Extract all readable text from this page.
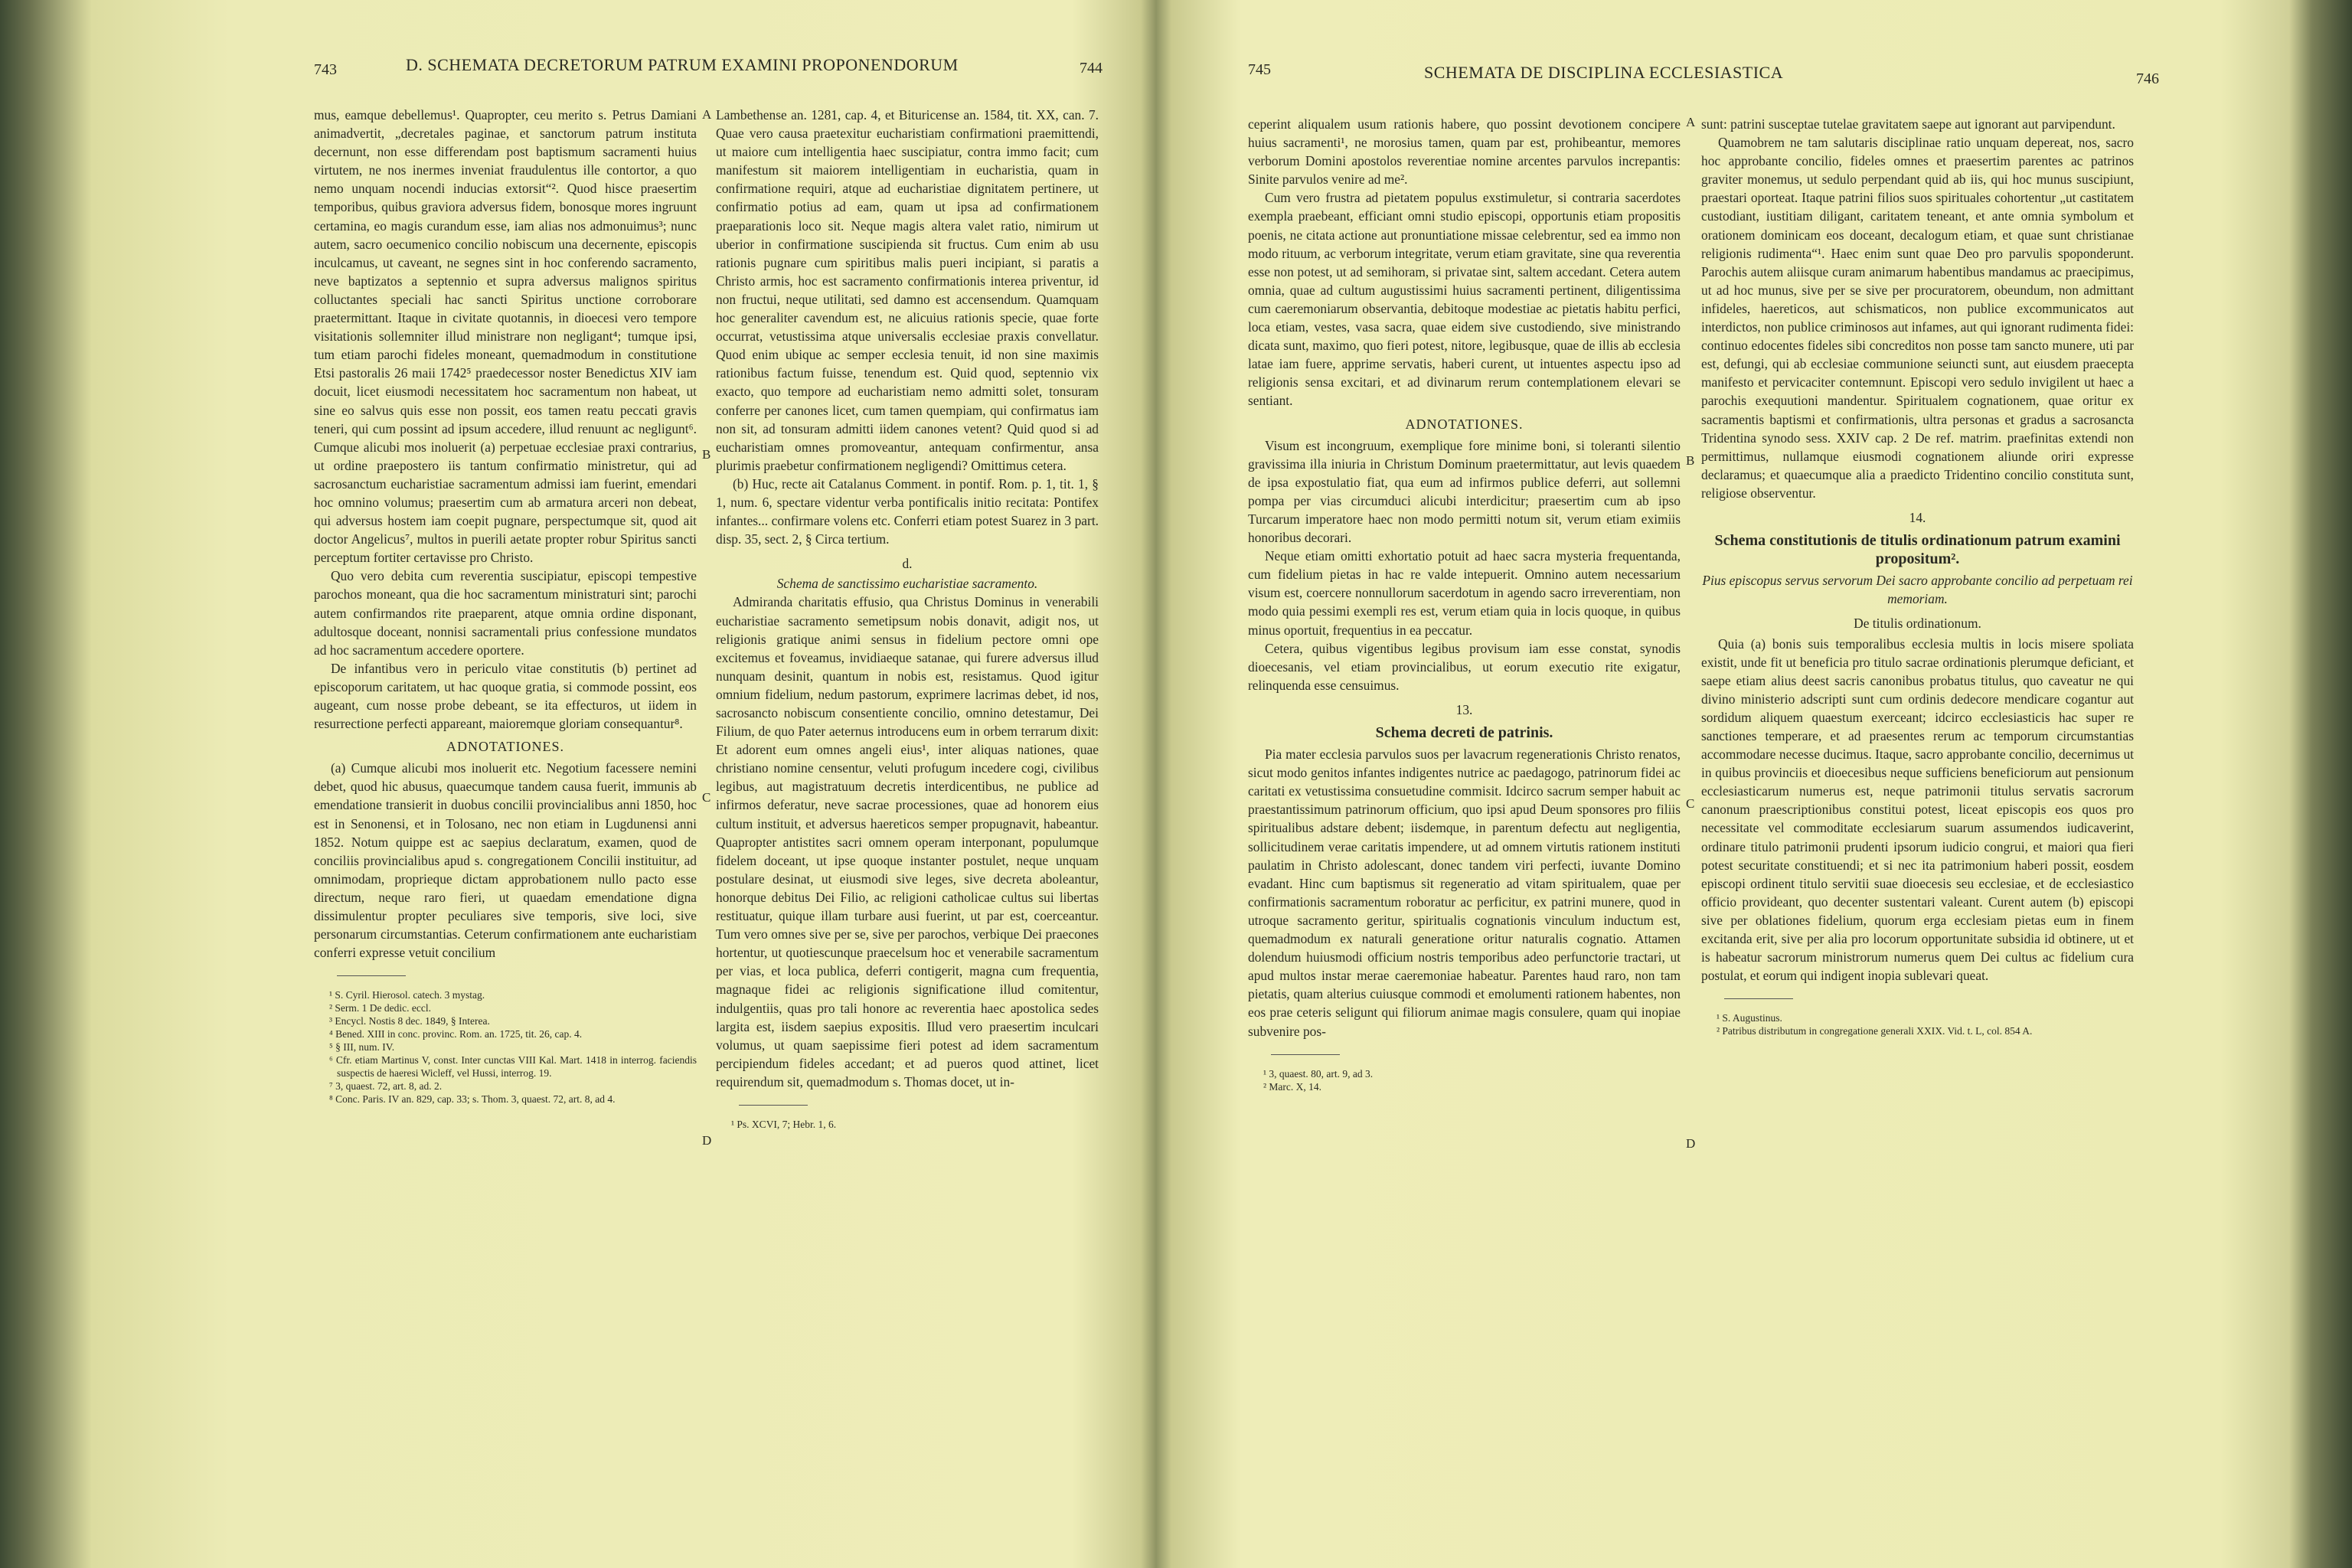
743	D. SCHEMATA DECRETORUM PATRUM EXAMINI PROPONENDORUM	744

mus, eamque debellemus¹. Quapropter, ceu merito s. Petrus Damiani animadvertit, „decretales paginae, et sanctorum patrum instituta decernunt, non esse differendam post baptismum sacramenti huius virtutem, ne nos inermes inveniat fraudulentus ille contortor, a quo nemo unquam nocendi inducias extorsit“². Quod hisce praesertim temporibus, quibus graviora adversus fidem, bonosque mores ingruunt certamina, eo magis curandum esse, iam alias nos admonuimus³; nunc autem, sacro oecumenico concilio nobiscum una decernente, episcopis inculcamus, ut caveant, ne segnes sint in hoc conferendo sacramento, neve baptizatos a septennio et supra adversus malignos spiritus colluctantes speciali hac sancti Spiritus unctione corroborare praetermittant. Itaque in civitate quotannis, in dioecesi vero tempore visitationis sollemniter illud ministrare non negligant⁴; tumque ipsi, tum etiam parochi fideles moneant, quemadmodum in constitutione Etsi pastoralis 26 maii 1742⁵ praedecessor noster Benedictus XIV iam docuit, licet eiusmodi necessitatem hoc sacramentum non habeat, ut sine eo salvus quis esse non possit, eos tamen reatu peccati gravis teneri, qui cum possint ad ipsum accedere, illud renuunt ac negligunt⁶. Cumque alicubi mos inoluerit (a) perpetuae ecclesiae praxi contrarius, ut ordine praepostero iis tantum confirmatio ministretur, qui ad sacrosanctum eucharistiae sacramentum admissi iam fuerint, emendari hoc omnino volumus; praesertim cum ab armatura arceri non debeat, qui adversus hostem iam coepit pugnare, perspectumque sit, quod ait doctor Angelicus⁷, multos in puerili aetate propter robur Spiritus sancti perceptum fortiter certavisse pro Christo.

Quo vero debita cum reverentia suscipiatur, episcopi tempestive parochos moneant, qua die hoc sacramentum ministraturi sint; parochi autem confirmandos rite praeparent, atque omnia ordine disponant, adultosque doceant, nonnisi sacramentali prius confessione mundatos ad hoc sacramentum accedere oportere.

De infantibus vero in periculo vitae constitutis (b) pertinet ad episcoporum caritatem, ut hac quoque gratia, si commode possint, eos augeant, cum nosse probe debeant, se ita effecturos, ut iidem in resurrectione perfecti appareant, maioremque gloriam consequantur⁸.

ADNOTATIONES.

(a) Cumque alicubi mos inoluerit etc. Negotium facessere nemini debet, quod hic abusus, quaecumque tandem causa fuerit, immunis ab emendatione transierit in duobus concilii provincialibus anni 1850, hoc est in Senonensi, et in Tolosano, nec non etiam in Lugdunensi anni 1852. Notum quippe est ac saepius declaratum, examen, quod de conciliis provincialibus apud s. congregationem Concilii instituitur, ad omnimodam, proprieque dictam approbationem nullo pacto esse directum, neque raro fieri, ut quaedam emendatione digna dissimulentur propter peculiares sive temporis, sive loci, sive personarum circumstantias. Ceterum confirmationem ante eucharistiam conferri expresse vetuit concilium

¹ S. Cyril. Hierosol. catech. 3 mystag.
² Serm. 1 De dedic. eccl.
³ Encycl. Nostis 8 dec. 1849, § Interea.
⁴ Bened. XIII in conc. provinc. Rom. an. 1725, tit. 26, cap. 4.
⁵ § III, num. IV.
⁶ Cfr. etiam Martinus V, const. Inter cunctas VIII Kal. Mart. 1418 in interrog. faciendis suspectis de haeresi Wicleff, vel Hussi, interrog. 19.
⁷ 3, quaest. 72, art. 8, ad. 2.
⁸ Conc. Paris. IV an. 829, cap. 33; s. Thom. 3, quaest. 72, art. 8, ad 4.
A
B
C
D

Lambethense an. 1281, cap. 4, et Bituricense an. 1584, tit. XX, can. 7. Quae vero causa praetexitur eucharistiam confirmationi praemittendi, ut maiore cum intelligentia haec suscipiatur, contra immo facit; cum manifestum sit maiorem intelligentiam in eucharistia, quam in confirmatione requiri, atque ad eucharistiae dignitatem pertinere, ut confirmatio potius ad eam, quam ut ipsa ad confirmationem praeparationis loco sit. Neque magis altera valet ratio, nimirum ut uberior in confirmatione suscipienda sit fructus. Cum enim ab usu rationis pugnare cum spiritibus malis pueri incipiant, si paratis a Christo armis, hoc est sacramento confirmationis interea priventur, id non fructui, neque utilitati, sed damno est accensendum. Quamquam hoc generaliter cavendum est, ne alicuius rationis specie, quae forte occurrat, vetustissima atque universalis ecclesiae praxis convellatur. Quod enim ubique ac semper ecclesia tenuit, id non sine maximis rationibus factum fuisse, tenendum est. Quid quod, septennio vix exacto, quo tempore ad eucharistiam nemo admitti solet, tonsuram conferre per canones licet, cum tamen quempiam, qui confirmatus iam non sit, ad tonsuram admitti iidem canones vetent? Quid quod si ad eucharistiam omnes promoveantur, antequam confirmentur, ansa plurimis praebetur confirmationem negligendi? Omittimus cetera.

(b) Huc, recte ait Catalanus Comment. in pontif. Rom. p. 1, tit. 1, § 1, num. 6, spectare videntur verba pontificalis initio recitata: Pontifex infantes... confirmare volens etc. Conferri etiam potest Suarez in 3 part. disp. 35, sect. 2, § Circa tertium.

d.

Schema de sanctissimo eucharistiae sacramento.

Admiranda charitatis effusio, qua Christus Dominus in venerabili eucharistiae sacramento semetipsum nobis donavit, adigit nos, ut religionis gratique animi sensus in fidelium pectore omni ope excitemus et foveamus, invidiaeque satanae, qui furere adversus illud nunquam desinit, quantum in nobis est, resistamus. Quod igitur omnium fidelium, nedum pastorum, exprimere lacrimas debet, id nos, sacrosancto nobiscum consentiente concilio, omnino detestamur, Dei Filium, de quo Pater aeternus introducens eum in orbem terrarum dixit: Et adorent eum omnes angeli eius¹, inter aliquas nationes, quae christiano nomine censentur, veluti profugum incedere cogi, civilibus legibus, aut magistratuum decretis interdicentibus, ne publice ad infirmos deferatur, neve sacrae processiones, quae ad honorem eius cultum instituit, et adversus haereticos semper propugnavit, habeantur. Quapropter antistites sacri omnem operam interponant, populumque fidelem doceant, ut ipse quoque instanter postulet, neque unquam postulare desinat, ut eiusmodi sive leges, sive decreta aboleantur, honorque debitus Dei Filio, ac religioni catholicae cultus sui libertas restituatur, quique illam turbare ausi fuerint, ut par est, coerceantur. Tum vero omnes sive per se, sive per parochos, verbique Dei praecones hortentur, ut quotiescunque praecelsum hoc et venerabile sacramentum per vias, et loca publica, deferri contigerit, magna cum frequentia, magnaque fidei ac religionis significatione illud comitentur, indulgentiis, quas pro tali honore ac reverentia haec apostolica sedes largita est, iisdem saepius expositis. Illud vero praesertim inculcari volumus, ut quam saepissime fieri potest ad idem sacramentum percipiendum fideles accedant; et ad pueros quod attinet, licet requirendum sit, quemadmodum s. Thomas docet, ut in-

¹ Ps. XCVI, 7; Hebr. 1, 6.
745	SCHEMATA DE DISCIPLINA ECCLESIASTICA	746

ceperint aliqualem usum rationis habere, quo possint devotionem concipere huius sacramenti¹, ne morosius tamen, quam par est, prohibeantur, memores verborum Domini apostolos reverentiae nomine arcentes parvulos increpantis: Sinite parvulos venire ad me².

Cum vero frustra ad pietatem populus exstimuletur, si contraria sacerdotes exempla praebeant, efficiant omni studio episcopi, opportunis etiam propositis poenis, ne citata actione aut pronuntiatione missae celebrentur, sed ea immo non modo rituum, ac verborum integritate, verum etiam gravitate, sine qua reverentia esse non potest, ut ad semihoram, si privatae sint, saltem accedant. Cetera autem omnia, quae ad cultum augustissimi huius sacramenti pertinent, diligentissima cum caeremoniarum observantia, debitoque modestiae ac pietatis habitu perfici, loca etiam, vestes, vasa sacra, quae eidem sive custodiendo, sive ministrando dicata sunt, maximo, quo fieri potest, nitore, legibusque, quae de illis ab ecclesia latae iam fuere, apprime servatis, haberi curent, ut intuentes aspectu ipso ad religionis sensa excitari, et ad divinarum rerum contemplationem elevari se sentiant.

ADNOTATIONES.

Visum est incongruum, exemplique fore minime boni, si toleranti silentio gravissima illa iniuria in Christum Dominum praetermittatur, aut levis quaedem de ipsa expostulatio fiat, qua eum ad infirmos publice deferri, aut sollemni pompa per vias circumduci alicubi interdicitur; praesertim cum ab ipso Turcarum imperatore haec non modo permitti notum sit, verum etiam eximiis honoribus decorari.

Neque etiam omitti exhortatio potuit ad haec sacra mysteria frequentanda, cum fidelium pietas in hac re valde intepuerit. Omnino autem necessarium visum est, coercere nonnullorum sacerdotum in agendo sacro irreverentiam, non modo quia pessimi exempli res est, verum etiam quia in locis quoque, in quibus minus oportuit, frequentius in ea peccatur.

Cetera, quibus vigentibus legibus provisum iam esse constat, synodis dioecesanis, vel etiam provincialibus, ut eorum executio rite exigatur, relinquenda esse censuimus.

13.

Schema decreti de patrinis.

Pia mater ecclesia parvulos suos per lavacrum regenerationis Christo renatos, sicut modo genitos infantes indigentes nutrice ac paedagogo, patrinorum fidei ac caritati ex vetustissima consuetudine commisit. Idcirco sacrum semper habuit ac praestantissimum patrinorum officium, quo ipsi apud Deum sponsores pro filiis spiritualibus adstare debent; iisdemque, in parentum defectu aut negligentia, sollicitudinem verae caritatis impendere, ut ad omnem virtutis rationem instituti paulatim in Christo adolescant, donec tandem viri perfecti, iuvante Domino evadant. Hinc cum baptismus sit regeneratio ad vitam spiritualem, quae per confirmationis sacramentum roboratur ac perficitur, ex patrini munere, quod in utroque sacramento geritur, spiritualis cognationis vinculum inductum est, quemadmodum ex naturali generatione oritur naturalis cognatio. Attamen dolendum huiusmodi officium nostris temporibus adeo perfunctorie tractari, ut apud multos instar merae caeremoniae habeatur. Parentes haud raro, non tam pietatis, quam alterius cuiusque commodi et emolumenti rationem habentes, non eos prae ceteris seligunt qui filiorum animae magis consulere, quam qui inopiae subvenire pos-

¹ 3, quaest. 80, art. 9, ad 3.
² Marc. X, 14.
A
B
C
D

sunt: patrini susceptae tutelae gravitatem saepe aut ignorant aut parvipendunt.

Quamobrem ne tam salutaris disciplinae ratio unquam depereat, nos, sacro hoc approbante concilio, fideles omnes et praesertim parentes ac patrinos graviter monemus, ut sedulo perpendant quid ab iis, qui hoc munus suscipiunt, praestari oporteat. Itaque patrini filios suos spirituales cohortentur „ut castitatem custodiant, iustitiam diligant, caritatem teneant, et ante omnia symbolum et orationem dominicam eos doceant, decalogum etiam, et quae sunt christianae religionis rudimenta“¹. Haec enim sunt quae Deo pro parvulis spoponderunt. Parochis autem aliisque curam animarum habentibus mandamus ac praecipimus, ut ad hoc munus, sive per se sive per procuratorem, obeundum, non admittant infideles, haereticos, aut schismaticos, non publice excommunicatos aut interdictos, non publice criminosos aut infames, aut qui ignorant rudimenta fidei: continuo edocentes fideles sibi concreditos non posse tam sancto munere, uti par est, defungi, qui ab ecclesiae communione seiuncti sunt, aut eiusdem praecepta manifesto et pervicaciter contemnunt. Episcopi vero sedulo invigilent ut haec a parochis exequutioni mandentur. Spiritualem cognationem, quae oritur ex sacramentis baptismi et confirmationis, ultra personas et gradus a sacrosancta Tridentina synodo sess. XXIV cap. 2 De ref. matrim. praefinitas extendi non permittimus, nullamque eiusmodi cognationem aliunde oriri expresse declaramus; et quaecumque alia a praedicto Tridentino concilio constituta sunt, religiose observentur.

14.

Schema constitutionis de titulis ordinationum patrum examini propositum².

Pius episcopus servus servorum Dei sacro approbante concilio ad perpetuam rei memoriam.

De titulis ordinationum.

Quia (a) bonis suis temporalibus ecclesia multis in locis misere spoliata existit, unde fit ut beneficia pro titulo sacrae ordinationis plerumque deficiant, et saepe etiam alius deest sacris canonibus probatus titulus, quo caveatur ne qui divino ministerio adscripti sunt cum ordinis dedecore mendicare cogantur aut sordidum aliquem quaestum exerceant; idcirco ecclesiasticis hac super re sanctiones temperare, et ad praesentes rerum ac temporum circumstantias accommodare necesse ducimus. Itaque, sacro approbante concilio, decernimus ut in quibus provinciis et dioecesibus neque sufficiens beneficiorum aut pensionum ecclesiasticarum numerus est, neque patrimonii titulus servatis sacrorum canonum praescriptionibus constitui potest, liceat episcopis eos quos pro necessitate vel commoditate ecclesiarum suarum assumendos iudicaverint, ordinare titulo patrimonii prudenti ipsorum iudicio congrui, et maiori qua fieri potest securitate constituendi; et si nec ita patrimonium haberi possit, eosdem episcopi ordinent titulo servitii suae dioecesis seu ecclesiae, et de ecclesiastico officio provideant, quo decenter sustentari valeant. Curent autem (b) episcopi sive per oblationes fidelium, quorum erga ecclesiam pietas eum in finem excitanda erit, sive per alia pro locorum opportunitate subsidia id obtinere, ut et is habeatur sacrorum ministrorum numerus quem Dei cultus ac fidelium cura postulat, et eorum qui indigent inopia sublevari queat.

¹ S. Augustinus.
² Patribus distributum in congregatione generali XXIX. Vid. t. L, col. 854 A.
